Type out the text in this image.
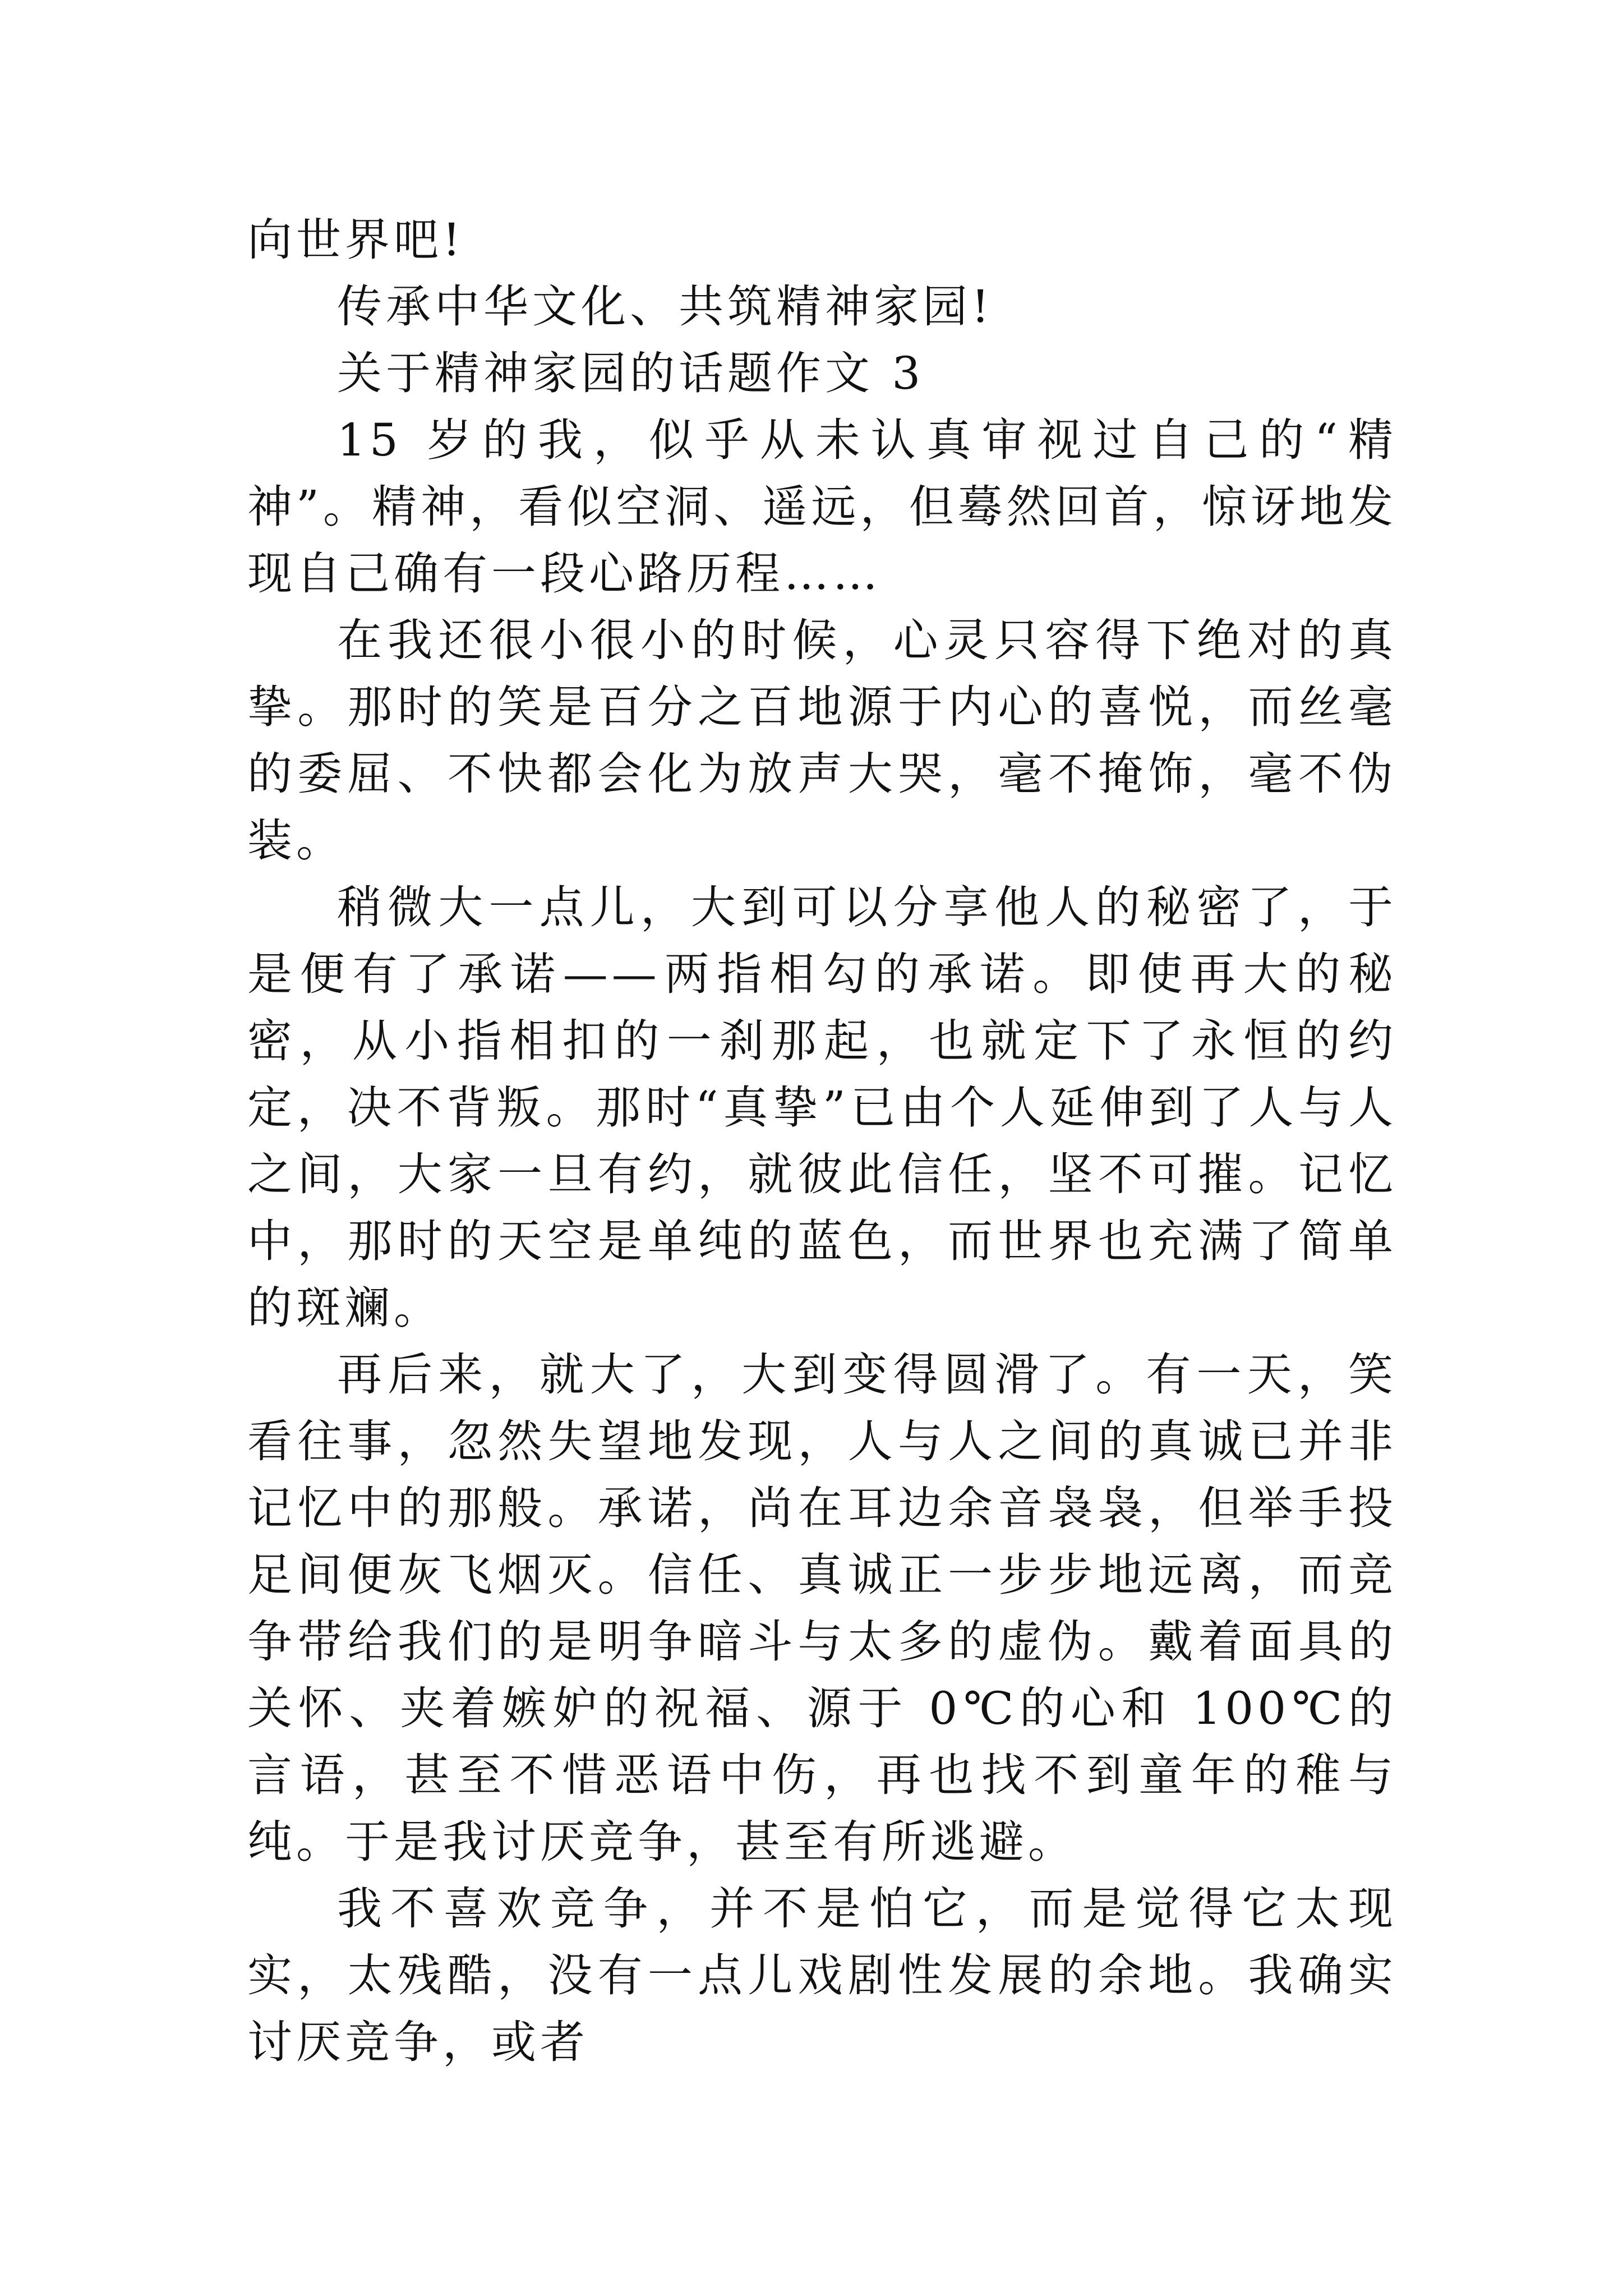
向世界吧!

传承中华文化、共筑精神家园!

关于精神家园的话题作文 3

15 岁的我，似乎从未认真审视过自己的“精神”。精神，看似空洞、遥远，但蓦然回首，惊讶地发现自己确有一段心路历程……

在我还很小很小的时候，心灵只容得下绝对的真挚。那时的笑是百分之百地源于内心的喜悦，而丝毫的委屈、不快都会化为放声大哭，毫不掩饰，毫不伪装。

稍微大一点儿，大到可以分享他人的秘密了，于是便有了承诺——两指相勾的承诺。即使再大的秘密，从小指相扣的一刹那起，也就定下了永恒的约定，决不背叛。那时“真挚”已由个人延伸到了人与人之间，大家一旦有约，就彼此信任，坚不可摧。记忆中，那时的天空是单纯的蓝色，而世界也充满了简单的斑斓。

再后来，就大了，大到变得圆滑了。有一天，笑看往事，忽然失望地发现，人与人之间的真诚已并非记忆中的那般。承诺，尚在耳边余音袅袅，但举手投足间便灰飞烟灭。信任、真诚正一步步地远离，而竞争带给我们的是明争暗斗与太多的虚伪。戴着面具的关怀、夹着嫉妒的祝福、源于 0℃的心和 100℃的言语，甚至不惜恶语中伤，再也找不到童年的稚与纯。于是我讨厌竞争，甚至有所逃避。

我不喜欢竞争，并不是怕它，而是觉得它太现实，太残酷，没有一点儿戏剧性发展的余地。我确实讨厌竞争，或者
